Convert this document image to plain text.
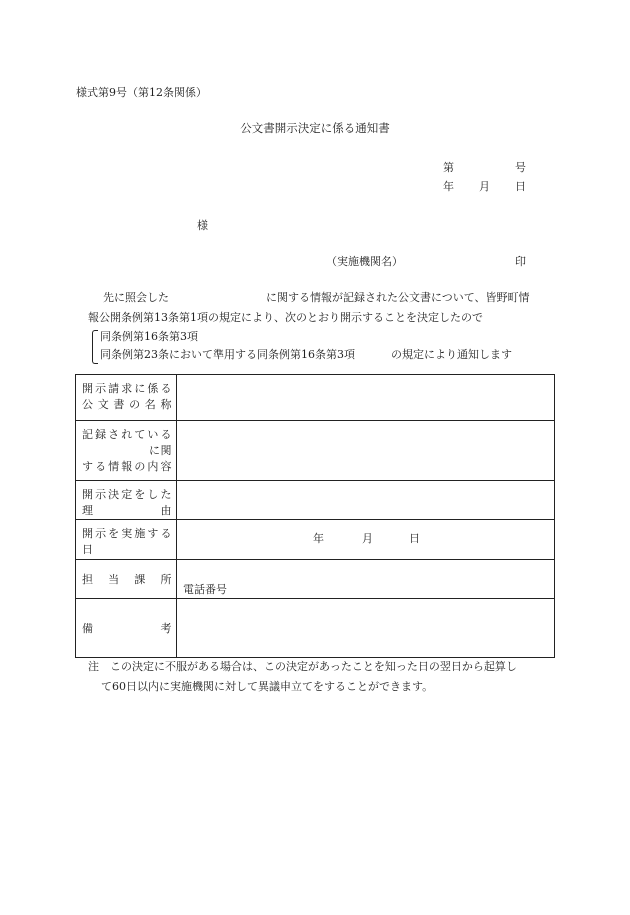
様式第9号（第12条関係）
公文書開示決定に係る通知書
第	号
年 月 日
様
（実施機関名）	印
先に照会した	に関する情報が記録された公文書について、皆野町情
報公開条例第13条第1項の規定により、次のとおり開示することを決定したので
同条例第16条第3項
同条例第23条において準用する同条例第16条第3項	の規定により通知します
開示請求に係る
公文書の名称	

記録されている
に関
する情報の内容	

開示決定をした
理 由	

開示を実施する
日	年 月 日

担当課所	電話番号

備 考	

注　この決定に不服がある場合は、この決定があったことを知った日の翌日から起算し
て60日以内に実施機関に対して異議申立てをすることができます。
